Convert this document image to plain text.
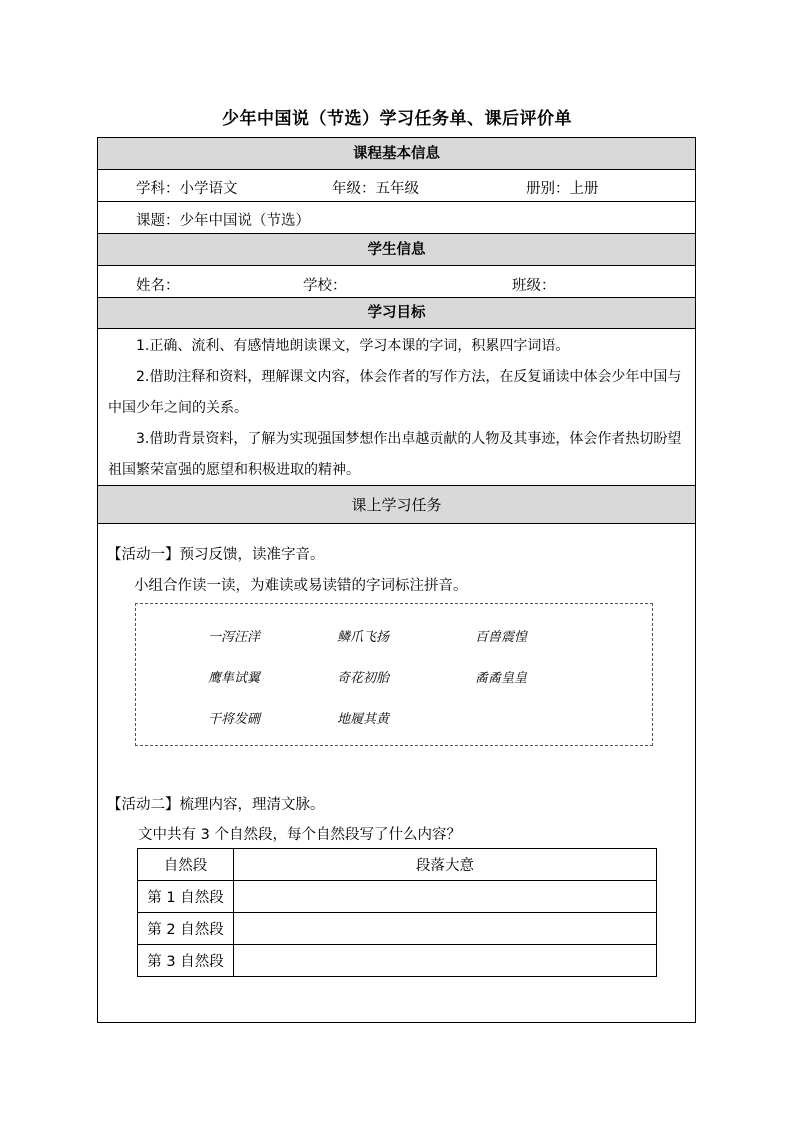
少年中国说（节选）学习任务单、课后评价单
课程基本信息
学科：小学语文	年级：五年级	册别：上册
课题：少年中国说（节选）
学生信息
姓名：	学校：	班级：
学习目标
1.正确、流利、有感情地朗读课文，学习本课的字词，积累四字词语。
2.借助注释和资料，理解课文内容，体会作者的写作方法，在反复诵读中体会少年中国与中国少年之间的关系。
3.借助背景资料，了解为实现强国梦想作出卓越贡献的人物及其事迹，体会作者热切盼望祖国繁荣富强的愿望和积极进取的精神。
课上学习任务
【活动一】预习反馈，读准字音。
小组合作读一读，为难读或易读错的字词标注拼音。
一泻汪洋	鳞爪飞扬	百兽震惶
鹰隼试翼	奇花初胎	矞矞皇皇
干将发硎	地履其黄
【活动二】梳理内容，理清文脉。
文中共有 3 个自然段，每个自然段写了什么内容？
自然段	段落大意
第 1 自然段	
第 2 自然段	
第 3 自然段	
